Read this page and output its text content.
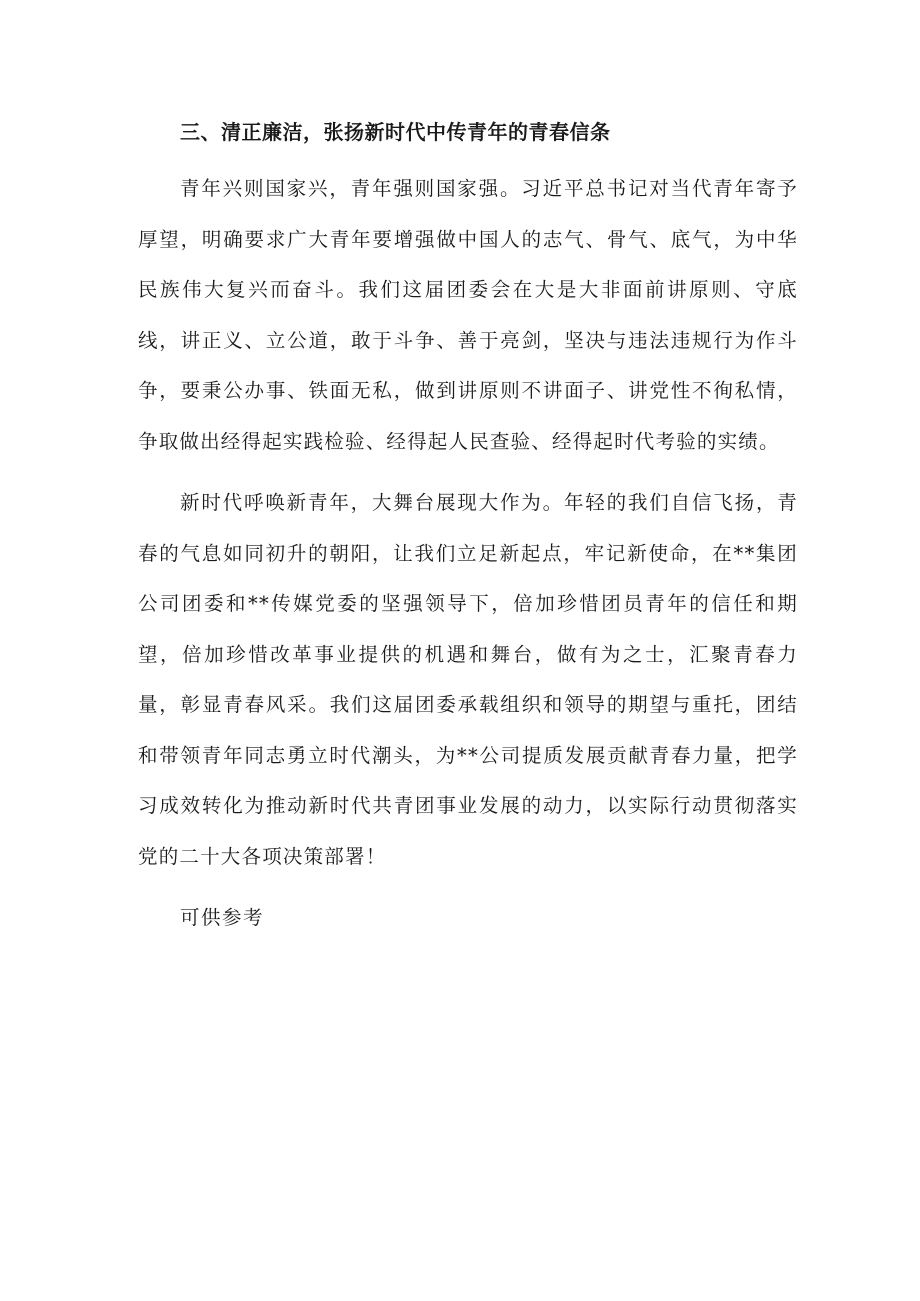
三、清正廉洁，张扬新时代中传青年的青春信条

青年兴则国家兴，青年强则国家强。习近平总书记对当代青年寄予厚望，明确要求广大青年要增强做中国人的志气、骨气、底气，为中华民族伟大复兴而奋斗。我们这届团委会在大是大非面前讲原则、守底线，讲正义、立公道，敢于斗争、善于亮剑，坚决与违法违规行为作斗争，要秉公办事、铁面无私，做到讲原则不讲面子、讲党性不徇私情，争取做出经得起实践检验、经得起人民查验、经得起时代考验的实绩。

新时代呼唤新青年，大舞台展现大作为。年轻的我们自信飞扬，青春的气息如同初升的朝阳，让我们立足新起点，牢记新使命，在**集团公司团委和**传媒党委的坚强领导下，倍加珍惜团员青年的信任和期望，倍加珍惜改革事业提供的机遇和舞台，做有为之士，汇聚青春力量，彰显青春风采。我们这届团委承载组织和领导的期望与重托，团结和带领青年同志勇立时代潮头，为**公司提质发展贡献青春力量，把学习成效转化为推动新时代共青团事业发展的动力，以实际行动贯彻落实党的二十大各项决策部署！

可供参考
